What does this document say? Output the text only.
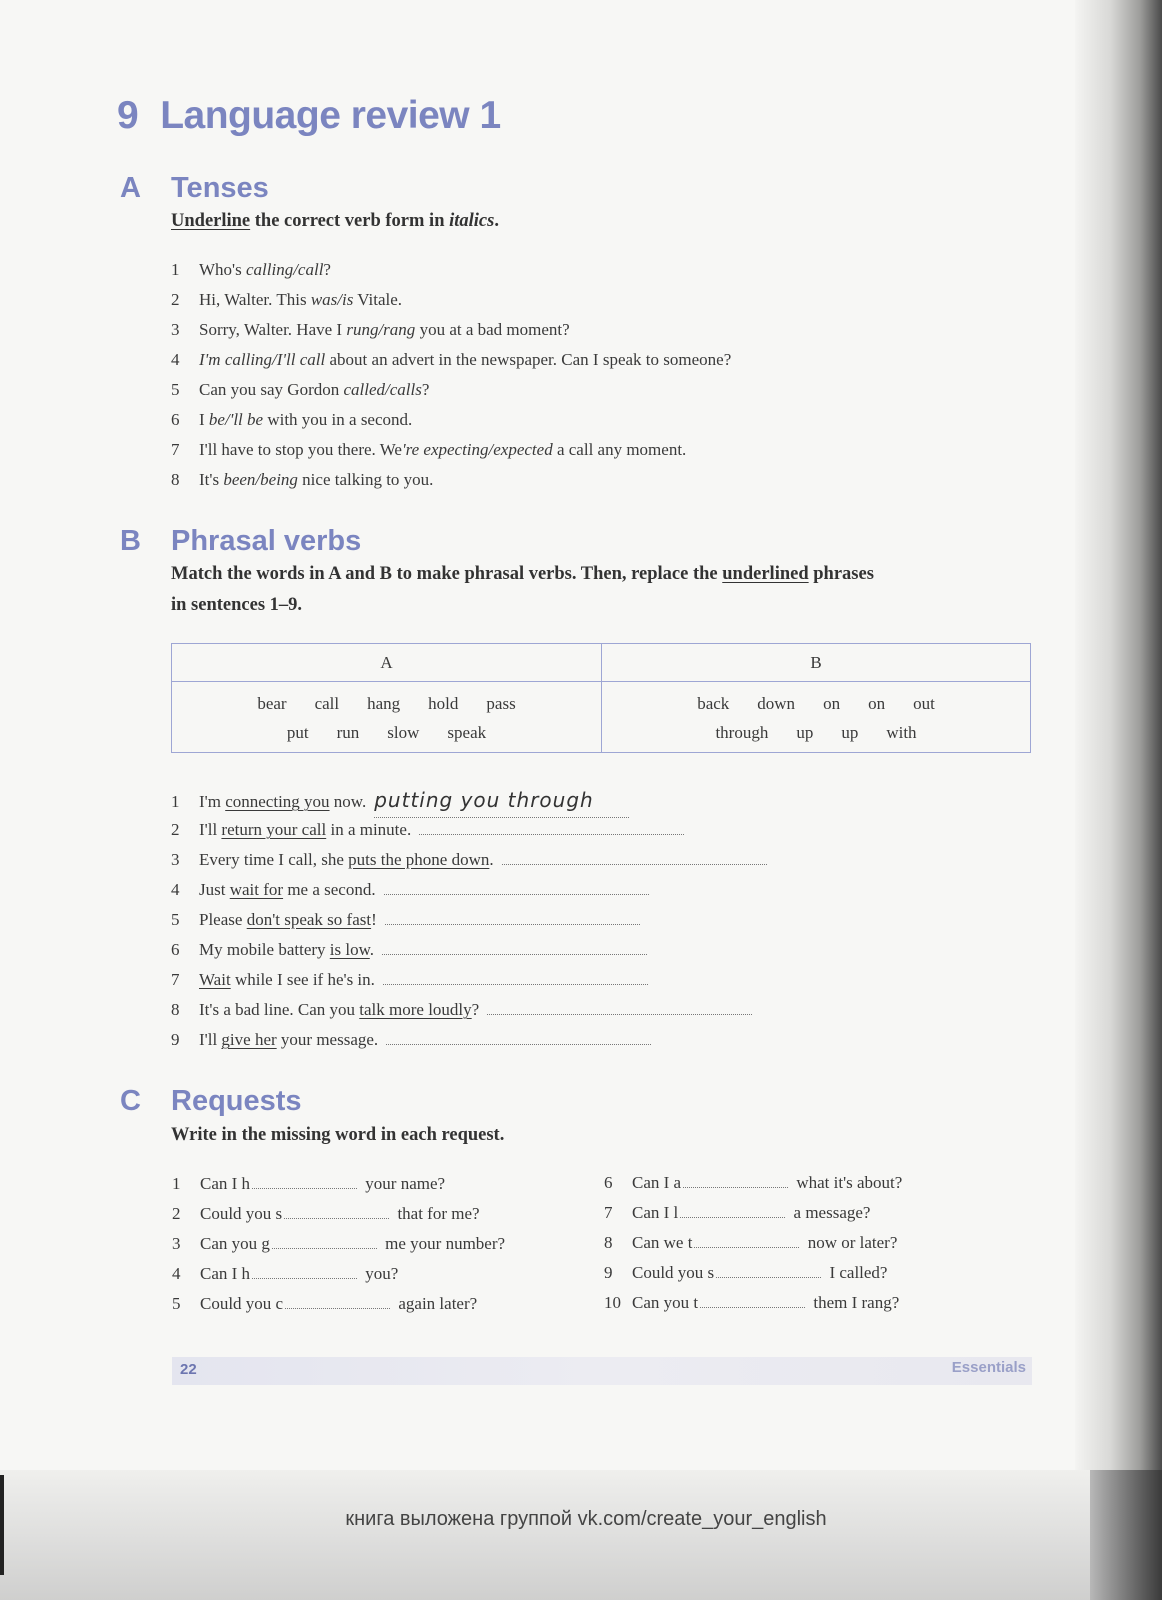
9 Language review 1
A Tenses
Underline the correct verb form in italics.
1 Who's calling/call?
2 Hi, Walter. This was/is Vitale.
3 Sorry, Walter. Have I rung/rang you at a bad moment?
4 I'm calling/I'll call about an advert in the newspaper. Can I speak to someone?
5 Can you say Gordon called/calls?
6 I be/'ll be with you in a second.
7 I'll have to stop you there. We're expecting/expected a call any moment.
8 It's been/being nice talking to you.
B Phrasal verbs
Match the words in A and B to make phrasal verbs. Then, replace the underlined phrases
in sentences 1–9.
A
bear call hang hold pass
put run slow speak
B
back down on on out
through up up with
1 I'm connecting you now. putting you through
2 I'll return your call in a minute.
3 Every time I call, she puts the phone down.
4 Just wait for me a second.
5 Please don't speak so fast!
6 My mobile battery is low.
7 Wait while I see if he's in.
8 It's a bad line. Can you talk more loudly?
9 I'll give her your message.
C Requests
Write in the missing word in each request.
1 Can I h	your name?
2 Could you s	that for me?
3 Can you g	me your number?
4 Can I h	you?
5 Could you c	again later?
6 Can I a	what it's about?
7 Can I l	a message?
8 Can we t	now or later?
9 Could you s	I called?
10 Can you t	them I rang?
22	Essentials
книга выложена группой vk.com/create_your_english
